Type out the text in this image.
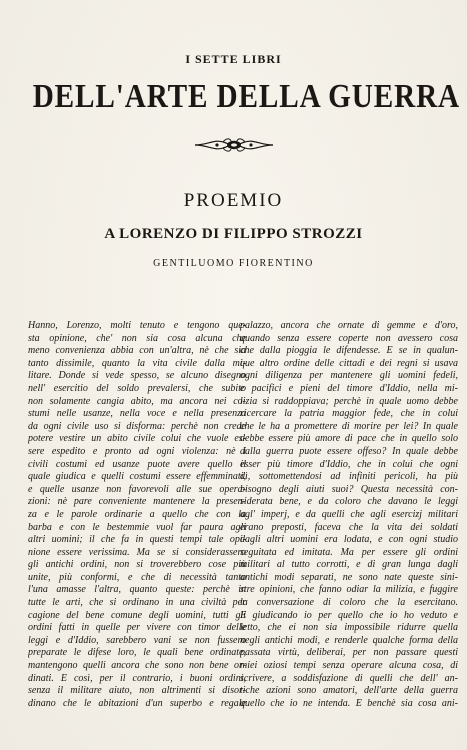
I SETTE LIBRI
DELL'ARTE DELLA GUERRA
PROEMIO
A LORENZO DI FILIPPO STROZZI
GENTILUOMO FIORENTINO
Hanno, Lorenzo, molti tenuto e tengono que-
sta opinione, che' non sia cosa alcuna che
meno convenienza abbia con un'altra, nè che sia
tanto dissimile, quanto la vita civile dalla mi-
litare. Donde si vede spesso, se alcuno disegno
nell' esercitio del soldo prevalersi, che subito
non solamente cangia abito, ma ancora nei co-
stumi nelle usanze, nella voce e nella presenza
da ogni civile uso si disforma: perchè non crede
potere vestire un abito civile colui che vuole es-
sere espedito e pronto ad ogni violenza: nè i
civili costumi ed usanze puote avere quello il
quale giudica e quelli costumi essere effemminati,
e quelle usanze non favorevoli alle sue opera-
zioni: nè pare conveniente mantenere la presen-
za e le parole ordinarie a quello che con la
barba e con le bestemmie vuol far paura agli
altri uomini; il che fa in questi tempi tale opi-
nione essere verissima. Ma se si considerassero
gli antichi ordini, non si troverebbero cose più
unite, più conformi, e che di necessità tanto
l'una amasse l'altra, quanto queste: perchè in
tutte le arti, che si ordinano in una civiltà per
cagione del bene comune degli uomini, tutti gli
ordini fatti in quelle per vivere con timor delle
leggi e d'Iddio, sarebbero vani se non fussero
preparate le difese loro, le quali bene ordinate,
mantengono quelli ancora che sono non bene or-
dinati. E così, per il contrario, i buoni ordini,
senza il militare aiuto, non altrimenti si disor-
dinano che le abitazioni d'un superbo e regale
palazzo, ancora che ornate di gemme e d'oro,
quando senza essere coperte non avessero cosa
che dalla pioggia le difendesse. E se in qualun-
que altro ordine delle cittadi e dei regni si usava
ogni diligenza per mantenere gli uomini fedeli,
e pacifici e pieni del timore d'Iddio, nella mi-
lizia si raddoppiava; perchè in quale uomo debbe
ricercare la patria maggior fede, che in colui
che le ha a promettere di morire per lei? In quale
debbe essere più amore di pace che in quello solo
dalla guerra puote essere offeso? In quale debbe
esser più timore d'Iddio, che in colui che ogni
dì, sottomettendosi ad infiniti pericoli, ha più
bisogno degli aiuti suoi? Questa necessità con-
siderata bene, e da coloro che davano le leggi
agl' imperj, e da quelli che agli esercizj militari
erano preposti, faceva che la vita dei soldati
dagli altri uomini era lodata, e con ogni studio
seguitata ed imitata. Ma per essere gli ordini
militari al tutto corrotti, e di gran lunga dagli
antichi modi separati, ne sono nate queste sini-
stre opinioni, che fanno odiar la milizia, e fuggire
la conversazione di coloro che la esercitano.
E giudicando io per quello che io ho veduto e
letto, che ei non sia impossibile ridurre quella
negli antichi modi, e renderle qualche forma della
passata virtù, deliberai, per non passare questi
miei oziosi tempi senza operare alcuna cosa, di
scrivere, a soddisfazione di quelli che dell' an-
tiche azioni sono amatori, dell'arte della guerra
quello che io ne intenda. E benchè sia cosa ani-
